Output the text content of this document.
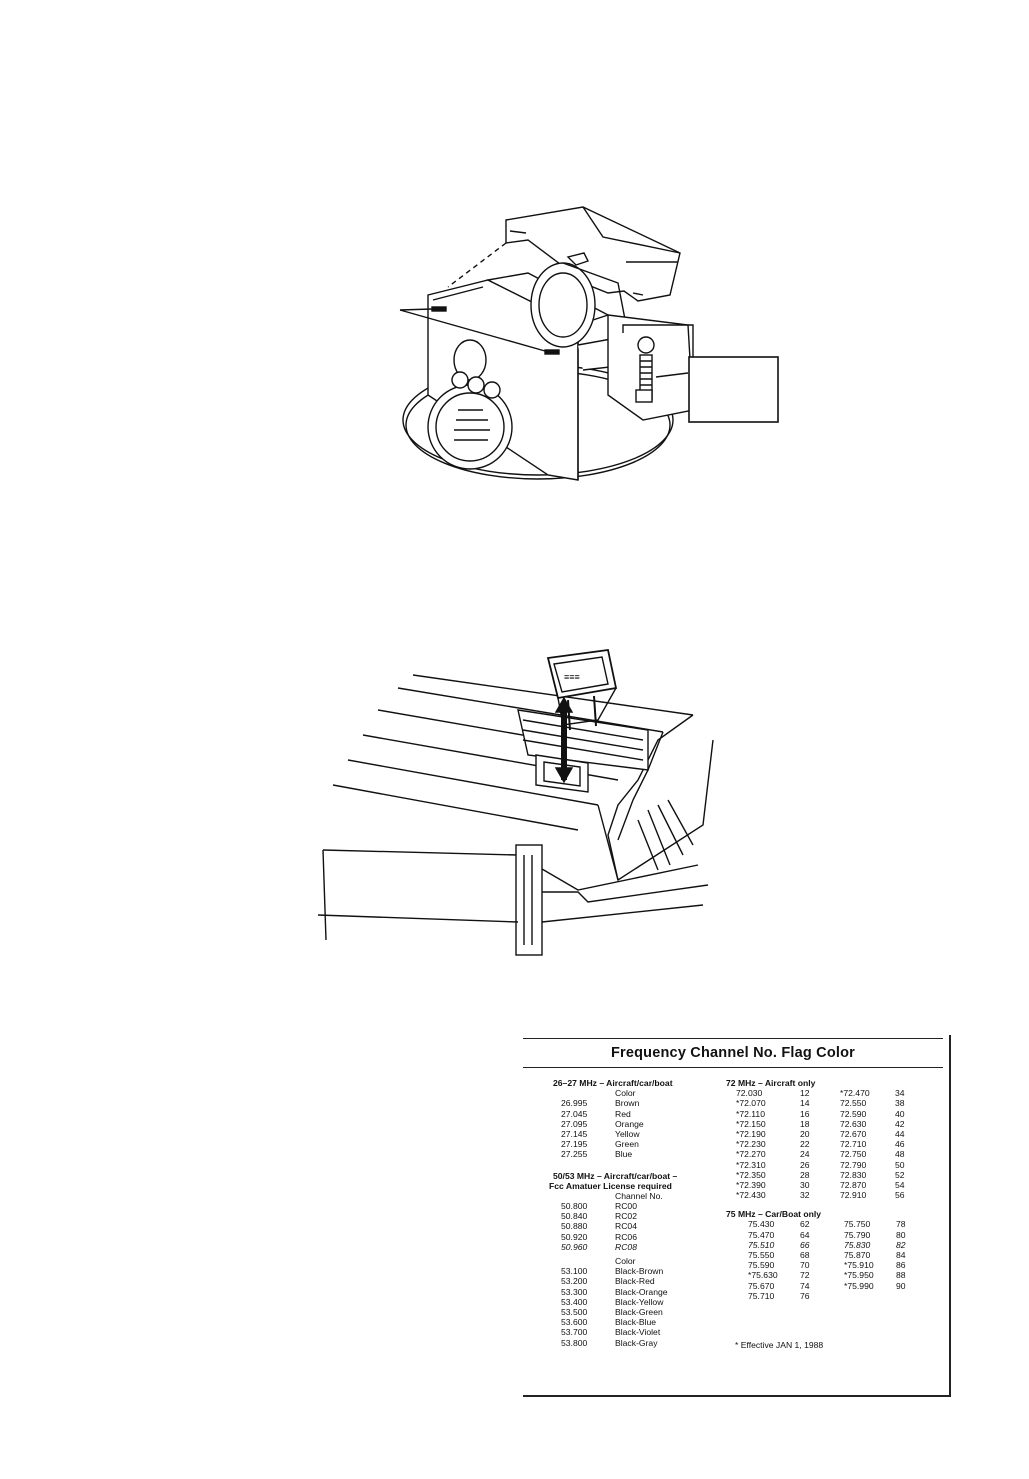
≡≡≡
Frequency Channel No. Flag Color
26–27 MHz – Aircraft/car/boat
Color
26.995	Brown
27.045	Red
27.095	Orange
27.145	Yellow
27.195	Green
27.255	Blue
50/53 MHz – Aircraft/car/boat –
Fcc Amatuer License required
Channel No.
50.800	RC00
50.840	RC02
50.880	RC04
50.920	RC06
50.960	RC08
Color
53.100	Black-Brown
53.200	Black-Red
53.300	Black-Orange
53.400	Black-Yellow
53.500	Black-Green
53.600	Black-Blue
53.700	Black-Violet
53.800	Black-Gray
72 MHz – Aircraft only
72.030	12	*72.470	34
*72.070	14	72.550	38
*72.110	16	72.590	40
*72.150	18	72.630	42
*72.190	20	72.670	44
*72.230	22	72.710	46
*72.270	24	72.750	48
*72.310	26	72.790	50
*72.350	28	72.830	52
*72.390	30	72.870	54
*72.430	32	72.910	56
75 MHz – Car/Boat only
75.430	62	75.750	78
75.470	64	75.790	80
75.510	66	75.830	82
75.550	68	75.870	84
75.590	70	*75.910	86
*75.630	72	*75.950	88
75.670	74	*75.990	90
75.710	76
* Effective JAN 1, 1988
